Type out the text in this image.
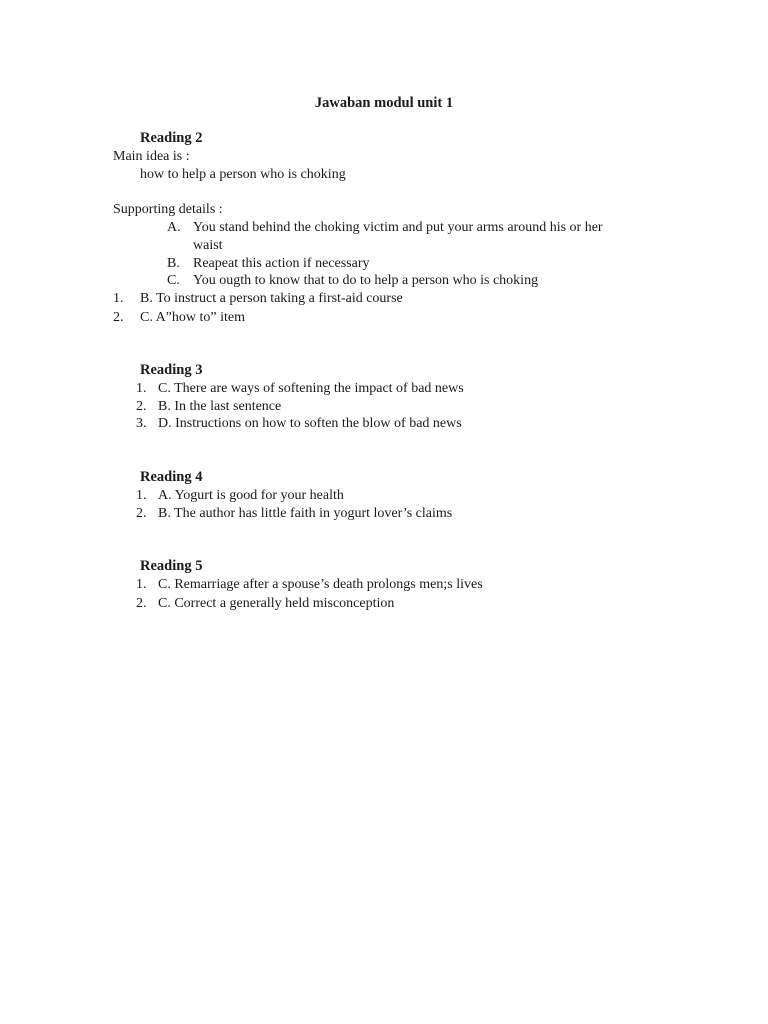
Jawaban modul unit 1
Reading 2
Main idea is :
how to help a person who is choking
Supporting details :
A. You stand behind the choking victim and put your arms around his or her
waist
B. Reapeat this action if necessary
C. You ougth to know that to do to help a person who is choking
1. B. To instruct a person taking a first-aid course
2. C. A”how to” item
Reading 3
1. C. There are ways of softening the impact of bad news
2. B. In the last sentence
3. D. Instructions on how to soften the blow of bad news
Reading 4
1. A. Yogurt is good for your health
2. B. The author has little faith in yogurt lover’s claims
Reading 5
1. C. Remarriage after a spouse’s death prolongs men;s lives
2. C. Correct a generally held misconception
